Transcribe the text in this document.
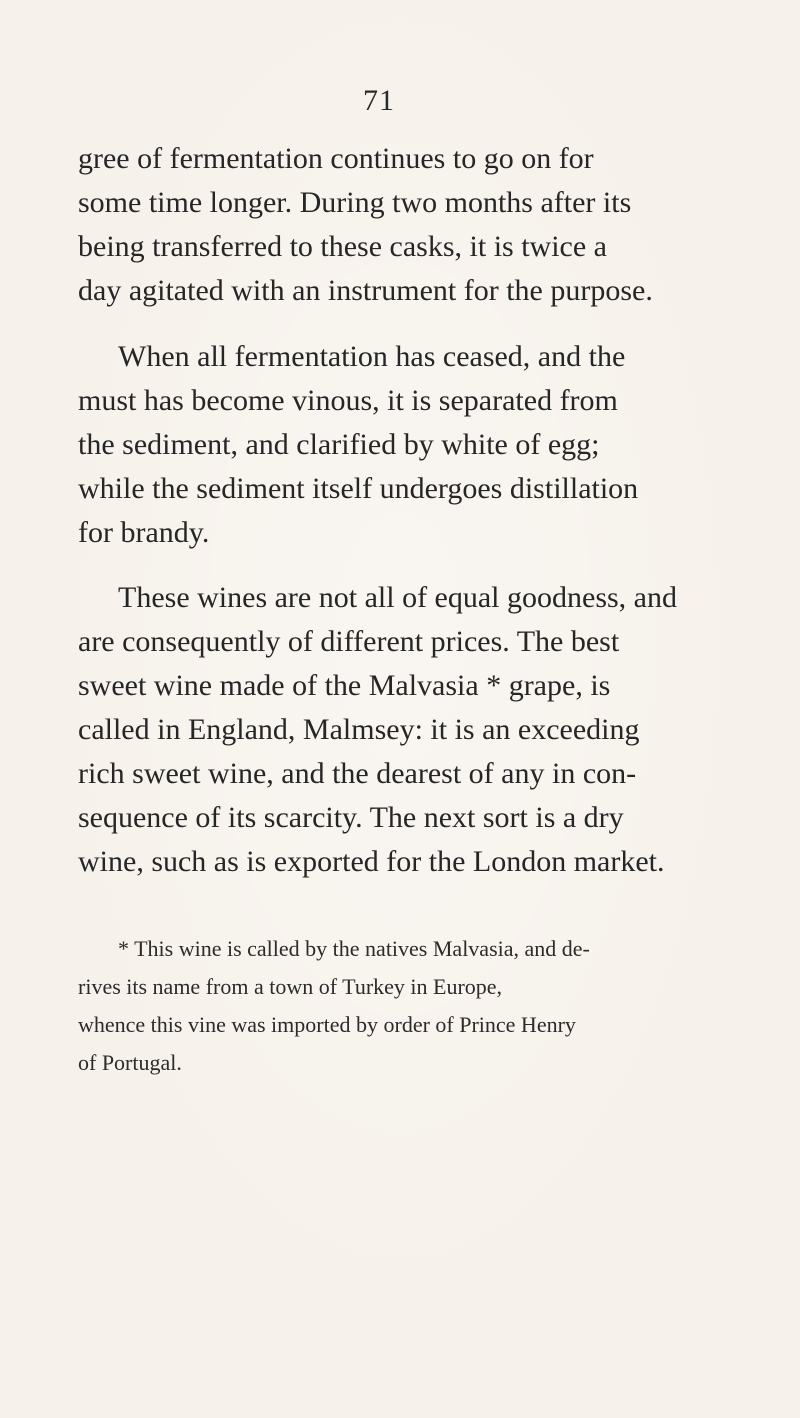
71

gree of fermentation continues to go on for
some time longer. During two months after its
being transferred to these casks, it is twice a
day agitated with an instrument for the purpose.

When all fermentation has ceased, and the
must has become vinous, it is separated from
the sediment, and clarified by white of egg;
while the sediment itself undergoes distillation
for brandy.

These wines are not all of equal goodness, and
are consequently of different prices. The best
sweet wine made of the Malvasia * grape, is
called in England, Malmsey: it is an exceeding
rich sweet wine, and the dearest of any in con-
sequence of its scarcity. The next sort is a dry
wine, such as is exported for the London market.

* This wine is called by the natives Malvasia, and de-
rives its name from a town of Turkey in Europe,
whence this vine was imported by order of Prince Henry
of Portugal.
